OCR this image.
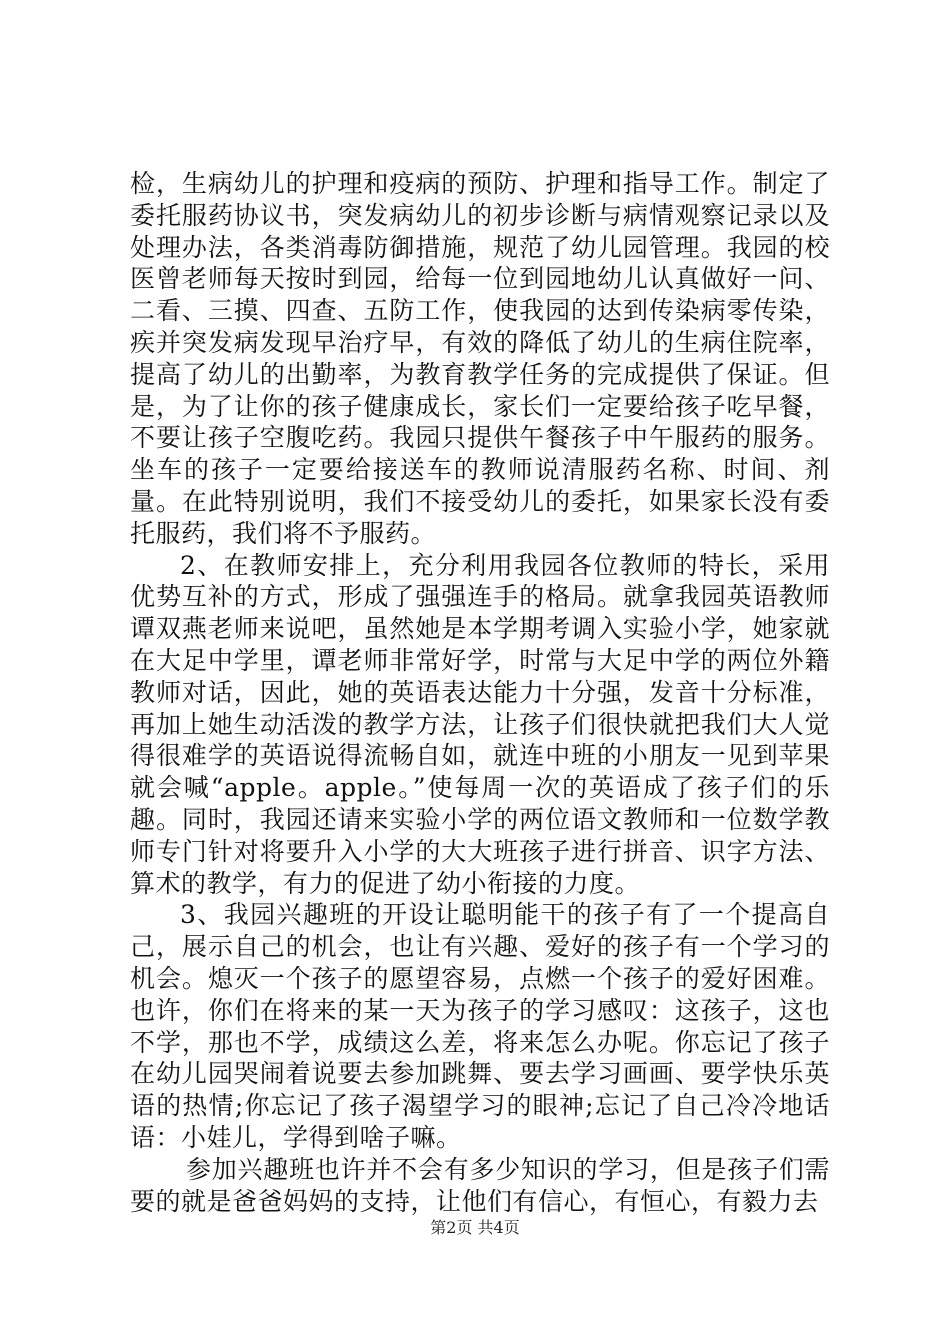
检，生病幼儿的护理和疫病的预防、护理和指导工作。制定了委托服药协议书，突发病幼儿的初步诊断与病情观察记录以及处理办法，各类消毒防御措施，规范了幼儿园管理。我园的校医曾老师每天按时到园，给每一位到园地幼儿认真做好一问、二看、三摸、四查、五防工作，使我园的达到传染病零传染，疾并突发病发现早治疗早，有效的降低了幼儿的生病住院率，提高了幼儿的出勤率，为教育教学任务的完成提供了保证。但是，为了让你的孩子健康成长，家长们一定要给孩子吃早餐，不要让孩子空腹吃药。我园只提供午餐孩子中午服药的服务。坐车的孩子一定要给接送车的教师说清服药名称、时间、剂量。在此特别说明，我们不接受幼儿的委托，如果家长没有委托服药，我们将不予服药。

2、在教师安排上，充分利用我园各位教师的特长，采用优势互补的方式，形成了强强连手的格局。就拿我园英语教师谭双燕老师来说吧，虽然她是本学期考调入实验小学，她家就在大足中学里，谭老师非常好学，时常与大足中学的两位外籍教师对话，因此，她的英语表达能力十分强，发音十分标准，再加上她生动活泼的教学方法，让孩子们很快就把我们大人觉得很难学的英语说得流畅自如，就连中班的小朋友一见到苹果就会喊“apple。apple。”使每周一次的英语成了孩子们的乐趣。同时，我园还请来实验小学的两位语文教师和一位数学教师专门针对将要升入小学的大大班孩子进行拼音、识字方法、算术的教学，有力的促进了幼小衔接的力度。

3、我园兴趣班的开设让聪明能干的孩子有了一个提高自己，展示自己的机会，也让有兴趣、爱好的孩子有一个学习的机会。熄灭一个孩子的愿望容易，点燃一个孩子的爱好困难。也许，你们在将来的某一天为孩子的学习感叹：这孩子，这也不学，那也不学，成绩这么差，将来怎么办呢。你忘记了孩子在幼儿园哭闹着说要去参加跳舞、要去学习画画、要学快乐英语的热情;你忘记了孩子渴望学习的眼神;忘记了自己冷冷地话语：小娃儿，学得到啥子嘛。

参加兴趣班也许并不会有多少知识的学习，但是孩子们需要的就是爸爸妈妈的支持，让他们有信心，有恒心，有毅力去

第2页 共4页
